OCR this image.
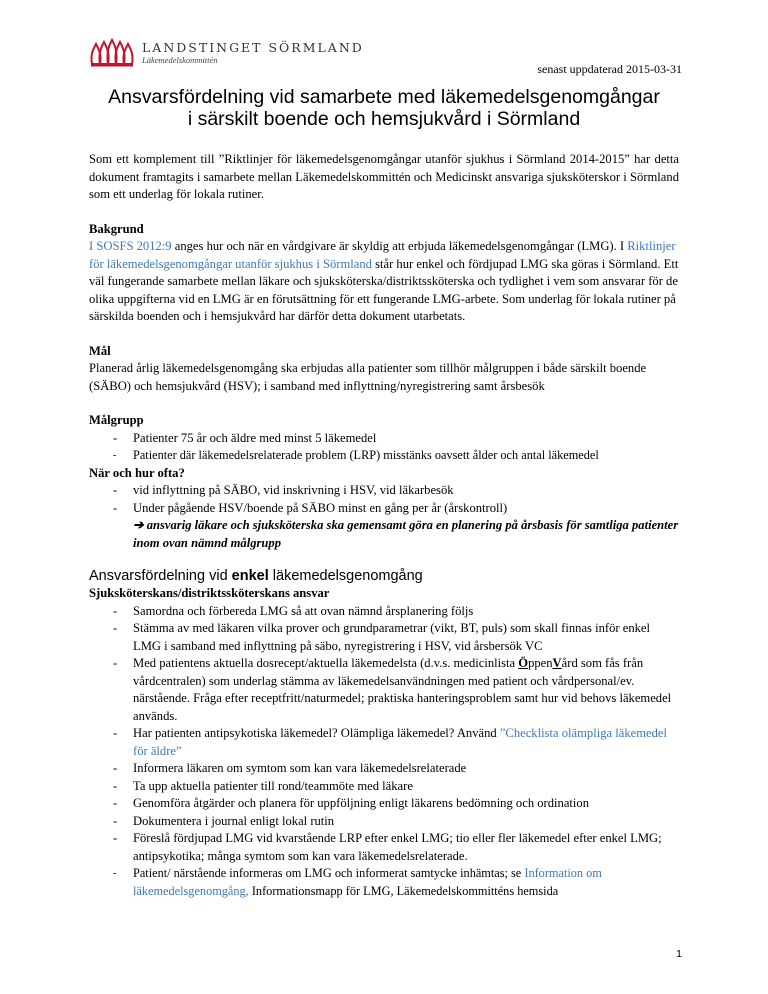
LANDSTINGET SÖRMLAND
Läkemedelskommittén
senast uppdaterad 2015-03-31
Ansvarsfördelning vid samarbete med läkemedelsgenomgångar
i särskilt boende och hemsjukvård i Sörmland

Som ett komplement till ”Riktlinjer för läkemedelsgenomgångar utanför sjukhus i Sörmland 2014-2015” har detta dokument framtagits i samarbete mellan Läkemedelskommittén och Medicinskt ansvariga sjuksköterskor i Sörmland som ett underlag för lokala rutiner.

Bakgrund

I SOSFS 2012:9 anges hur och när en vårdgivare är skyldig att erbjuda läkemedelsgenomgångar (LMG). I Riktlinjer för läkemedelsgenomgångar utanför sjukhus i Sörmland står hur enkel och fördjupad LMG ska göras i Sörmland. Ett väl fungerande samarbete mellan läkare och sjuksköterska/distriktssköterska och tydlighet i vem som ansvarar för de olika uppgifterna vid en LMG är en förutsättning för ett fungerande LMG-arbete. Som underlag för lokala rutiner på särskilda boenden och i hemsjukvård har därför detta dokument utarbetats.

Mål

Planerad årlig läkemedelsgenomgång ska erbjudas alla patienter som tillhör målgruppen i både särskilt boende (SÄBO) och hemsjukvård (HSV); i samband med inflyttning/nyregistrering samt årsbesök

Målgrupp

- Patienter 75 år och äldre med minst 5 läkemedel
- Patienter där läkemedelsrelaterade problem (LRP) misstänks oavsett ålder och antal läkemedel

När och hur ofta?

- vid inflyttning på SÄBO, vid inskrivning i HSV, vid läkarbesök
- Under pågående HSV/boende på SÄBO minst en gång per år (årskontroll)

➔ ansvarig läkare och sjuksköterska ska gemensamt göra en planering på årsbasis för samtliga patienter inom ovan nämnd målgrupp

Ansvarsfördelning vid enkel läkemedelsgenomgång

Sjuksköterskans/distriktssköterskans ansvar

- Samordna och förbereda LMG så att ovan nämnd årsplanering följs
- Stämma av med läkaren vilka prover och grundparametrar (vikt, BT, puls) som skall finnas inför enkel LMG i samband med inflyttning på säbo, nyregistrering i HSV, vid årsbersök VC
- Med patientens aktuella dosrecept/aktuella läkemedelsta (d.v.s. medicinlista ÖppenVård som fås från vårdcentralen) som underlag stämma av läkemedelsanvändningen med patient och vårdpersonal/ev. närstående. Fråga efter receptfritt/naturmedel; praktiska hanteringsproblem samt hur vid behovs läkemedel används.
- Har patienten antipsykotiska läkemedel? Olämpliga läkemedel? Använd ”Checklista olämpliga läkemedel för äldre”
- Informera läkaren om symtom som kan vara läkemedelsrelaterade
- Ta upp aktuella patienter till rond/teammöte med läkare
- Genomföra åtgärder och planera för uppföljning enligt läkarens bedömning och ordination
- Dokumentera i journal enligt lokal rutin
- Föreslå fördjupad LMG vid kvarstående LRP efter enkel LMG; tio eller fler läkemedel efter enkel LMG; antipsykotika; många symtom som kan vara läkemedelsrelaterade.
- Patient/ närstående informeras om LMG och informerat samtycke inhämtas; se Information om läkemedelsgenomgång, Informationsmapp för LMG, Läkemedelskommitténs hemsida
1
